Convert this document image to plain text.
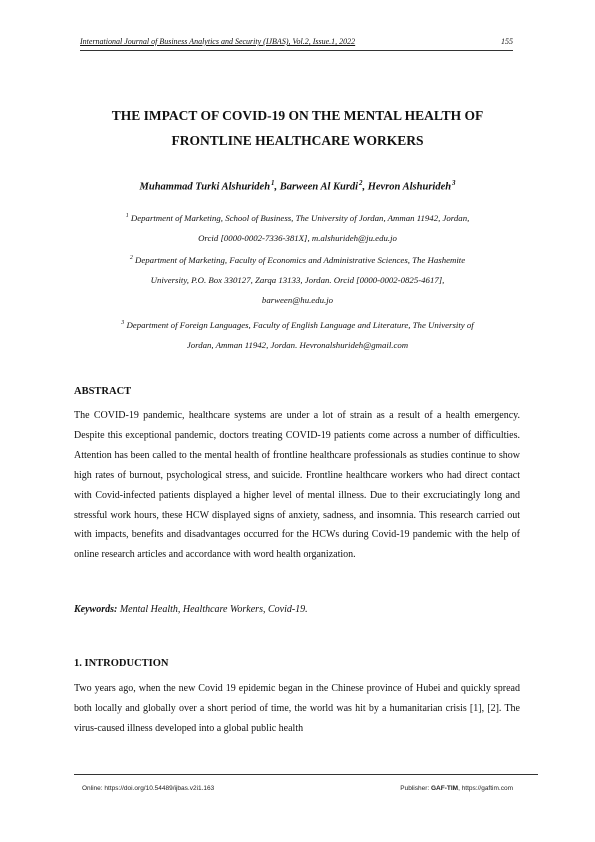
International Journal of Business Analytics and Security (IJBAS), Vol.2, Issue.1, 2022	155
THE IMPACT OF COVID-19 ON THE MENTAL HEALTH OF
FRONTLINE HEALTHCARE WORKERS
Muhammad Turki Alshurideh $^1$, Barween Al Kurdi $^2$, Hevron Alshurideh $^3$
$^1$ Department of Marketing, School of Business, The University of Jordan, Amman 11942, Jordan,
Orcid [0000-0002-7336-381X], m.alshurideh@ju.edu.jo
$^2$ Department of Marketing, Faculty of Economics and Administrative Sciences, The Hashemite
University, P.O. Box 330127, Zarqa 13133, Jordan. Orcid [0000-0002-0825-4617],
barween@hu.edu.jo
$^3$ Department of Foreign Languages, Faculty of English Language and Literature, The University of
Jordan, Amman 11942, Jordan. Hevronalshurideh@gmail.com
ABSTRACT
The COVID-19 pandemic, healthcare systems are under a lot of strain as a result of a health emergency. Despite this exceptional pandemic, doctors treating COVID-19 patients come across a number of difficulties. Attention has been called to the mental health of frontline healthcare professionals as studies continue to show high rates of burnout, psychological stress, and suicide. Frontline healthcare workers who had direct contact with Covid-infected patients displayed a higher level of mental illness. Due to their excruciatingly long and stressful work hours, these HCW displayed signs of anxiety, sadness, and insomnia. This research carried out with impacts, benefits and disadvantages occurred for the HCWs during Covid-19 pandemic with the help of online research articles and accordance with word health organization.
Keywords: Mental Health, Healthcare Workers, Covid-19.
1. INTRODUCTION
Two years ago, when the new Covid 19 epidemic began in the Chinese province of Hubei and quickly spread both locally and globally over a short period of time, the world was hit by a humanitarian crisis [1], [2]. The virus-caused illness developed into a global public health
Online: https://doi.org/10.54489/ijbas.v2i1.163	Publisher: GAF-TIM, https://gaftim.com
